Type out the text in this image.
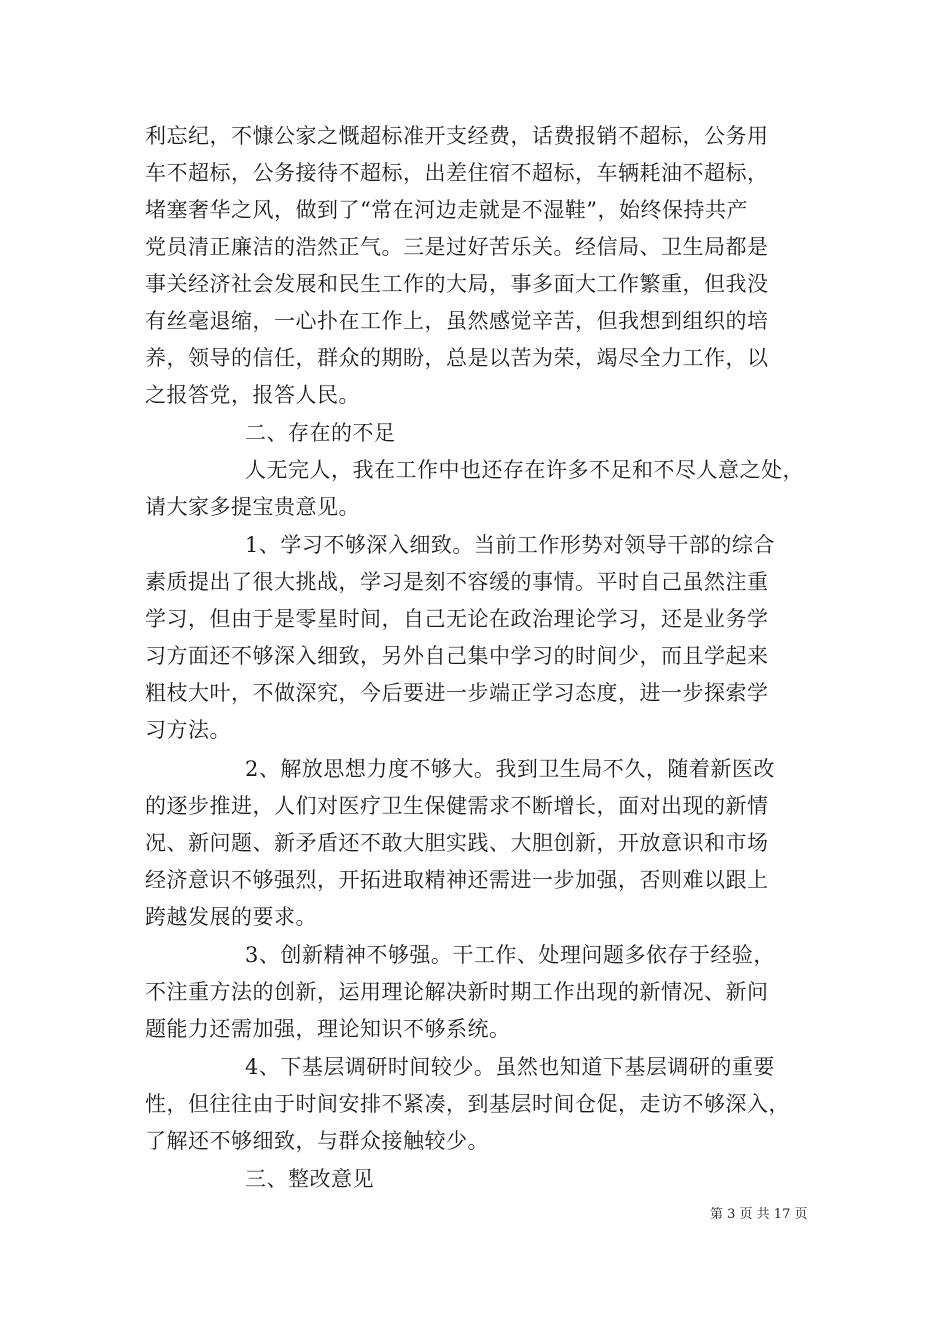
利忘纪，不慷公家之慨超标准开支经费，话费报销不超标，公务用
车不超标，公务接待不超标，出差住宿不超标，车辆耗油不超标，
堵塞奢华之风，做到了“常在河边走就是不湿鞋”，始终保持共产
党员清正廉洁的浩然正气。三是过好苦乐关。经信局、卫生局都是
事关经济社会发展和民生工作的大局，事多面大工作繁重，但我没
有丝毫退缩，一心扑在工作上，虽然感觉辛苦，但我想到组织的培
养，领导的信任，群众的期盼，总是以苦为荣，竭尽全力工作，以
之报答党，报答人民。
二、存在的不足
人无完人，我在工作中也还存在许多不足和不尽人意之处，
请大家多提宝贵意见。
1、学习不够深入细致。当前工作形势对领导干部的综合
素质提出了很大挑战，学习是刻不容缓的事情。平时自己虽然注重
学习，但由于是零星时间，自己无论在政治理论学习，还是业务学
习方面还不够深入细致，另外自己集中学习的时间少，而且学起来
粗枝大叶，不做深究，今后要进一步端正学习态度，进一步探索学
习方法。
2、解放思想力度不够大。我到卫生局不久，随着新医改
的逐步推进，人们对医疗卫生保健需求不断增长，面对出现的新情
况、新问题、新矛盾还不敢大胆实践、大胆创新，开放意识和市场
经济意识不够强烈，开拓进取精神还需进一步加强，否则难以跟上
跨越发展的要求。
3、创新精神不够强。干工作、处理问题多依存于经验，
不注重方法的创新，运用理论解决新时期工作出现的新情况、新问
题能力还需加强，理论知识不够系统。
4、下基层调研时间较少。虽然也知道下基层调研的重要
性，但往往由于时间安排不紧凑，到基层时间仓促，走访不够深入，
了解还不够细致，与群众接触较少。
三、整改意见
第 3 页 共 17 页
